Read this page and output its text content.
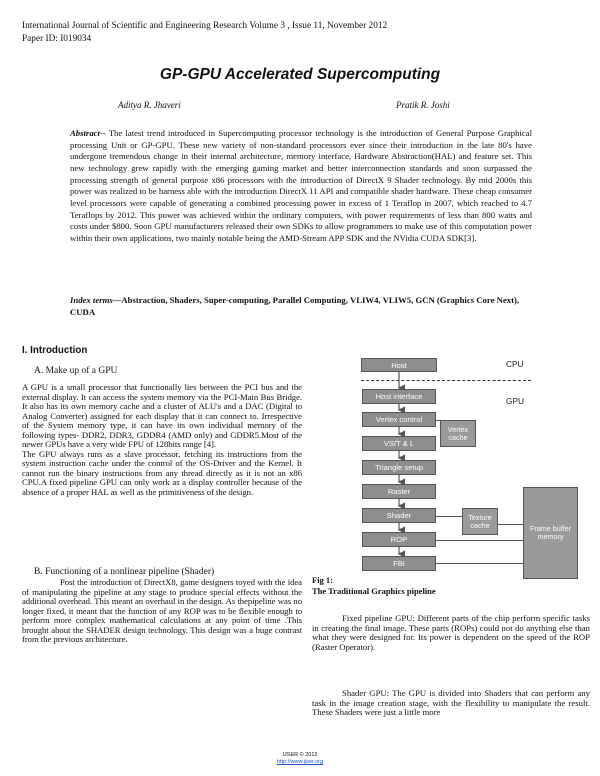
International Journal of Scientific and Engineering Research Volume 3 , Issue 11, November 2012
Paper ID: I019034
GP-GPU Accelerated Supercomputing
Aditya R. Jhaveri	Pratik R. Joshi
Abstract-- The latest trend introduced in Supercomputing processor technology is the introduction of General Purpose Graphical processing Unit or GP-GPU. These new variety of non-standard processors ever since their introduction in the late 80's have undergone tremendous change in their internal architecture, memory interface, Hardware Abstraction(HAL) and feature set. This new technology grew rapidly with the emerging gaming market and better interconnection standards and soon surpassed the processing strength of general purpose x86 processors with the introduction of DirectX 9 Shader technology. By mid 2000s this power was realized to be harness able with the introduction DirectX 11 API and compatible shader hardware. These cheap consumer level processors were capable of generating a combined processing power in excess of 1 Teraflop in 2007, which reached to 4.7 Teraflops by 2012. This power was achieved within the ordinary computers, with power requirements of less than 800 watts and costs under $800. Soon GPU manufacturers released their own SDKs to allow programmers to make use of this computation power within their own applications, two mainly notable being the AMD-Stream APP SDK and the NVidia CUDA SDK[3].
Index terms—Abstraction, Shaders, Super-computing, Parallel Computing, VLIW4, VLIW5, GCN (Graphics Core Next), CUDA
I. Introduction
A. Make up of a GPU

A GPU is a small processor that functionally lies between the PCI bus and the external display. It can access the system memory via the PCI-Main Bus Bridge. It also has its own memory cache and a cluster of ALU's and a DAC (Digital to Analog Converter) assigned for each display that it can connect to. Irrespective of the System memory type, it can have its own individual memory of the following types- DDR2, DDR3, GDDR4 (AMD only) and GDDR5.Most of the newer GPUs have a very wide FPU of 128bits range [4].

The GPU always runs as a slave processor, fetching its instructions from the system instruction cache under the control of the OS-Driver and the Kernel. It cannot run the binary instructions from any thread directly as it is not an x86 CPU.A fixed pipeline GPU can only work as a display controller because of the absence of a proper HAL as well as the primitiveness of the design.

B. Functioning of a nonlinear pipeline (Shader)
Post the introduction of DirectX8, game designers toyed with the idea of manipulating the pipeline at any stage to produce special effects without the additional overhead. This meant an overhaul in the design. As thepipeline was no longer fixed, it meant that the function of any ROP was to be flexible enough to perform more complex mathematical calculations at any point of time .This brought about the SHADER design technology. This design was a huge contrast from the previous architecture.
Host	CPU
GPU
Host interface
Vertex control
VS/T & L
Triangle setup
Raster
Shader
ROP
FBI
Vertex cache
Texture cache	Frame buffer memory
Fig 1:
The Traditional Graphics pipeline
Fixed pipeline GPU: Different parts of the chip perform specific tasks in creating the final image. These parts (ROPs) could not do anything else than what they were designed for. Its power is dependent on the speed of the ROP (Raster Operator).
Shader GPU: The GPU is divided into Shaders that can perform any task in the image creation stage, with the flexibility to manipulate the result. These Shaders were just a little more
IJSER © 2012
http://www.ijser.org
